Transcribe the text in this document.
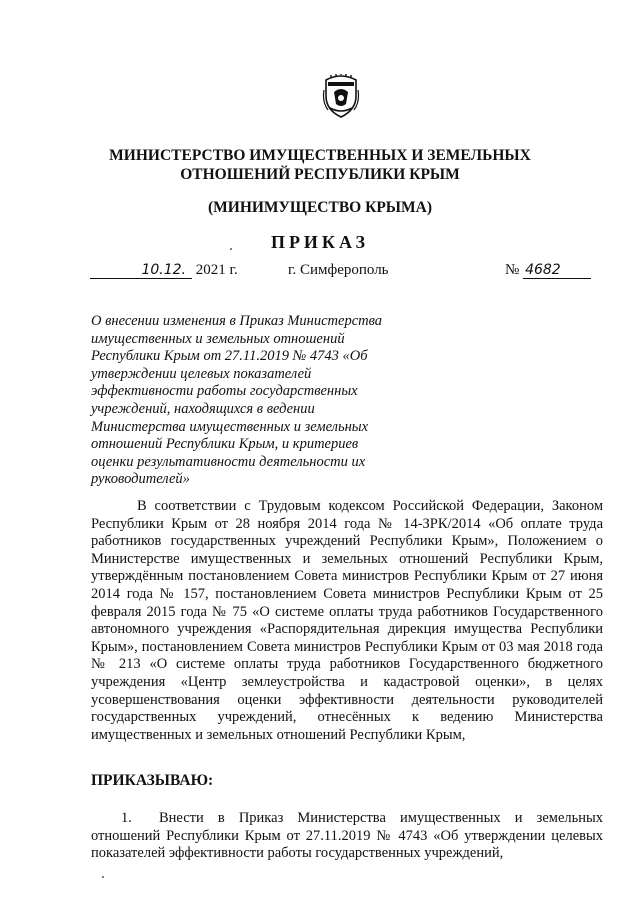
МИНИСТЕРСТВО ИМУЩЕСТВЕННЫХ И ЗЕМЕЛЬНЫХ
ОТНОШЕНИЙ РЕСПУБЛИКИ КРЫМ
(МИНИМУЩЕСТВО КРЫМА)
ПРИКАЗ
10.12. 2021 г.	г. Симферополь	№ 4682
О внесении изменения в Приказ Министерства имущественных и земельных отношений Республики Крым от 27.11.2019 № 4743 «Об утверждении целевых показателей эффективности работы государственных учреждений, находящихся в ведении Министерства имущественных и земельных отношений Республики Крым, и критериев оценки результативности деятельности их руководителей»
В соответствии с Трудовым кодексом Российской Федерации, Законом Республики Крым от 28 ноября 2014 года № 14-ЗРК/2014 «Об оплате труда работников государственных учреждений Республики Крым», Положением о Министерстве имущественных и земельных отношений Республики Крым, утверждённым постановлением Совета министров Республики Крым от 27 июня 2014 года № 157, постановлением Совета министров Республики Крым от 25 февраля 2015 года № 75 «О системе оплаты труда работников Государственного автономного учреждения «Распорядительная дирекция имущества Республики Крым», постановлением Совета министров Республики Крым от 03 мая 2018 года № 213 «О системе оплаты труда работников Государственного бюджетного учреждения «Центр землеустройства и кадастровой оценки», в целях усовершенствования оценки эффективности деятельности руководителей государственных учреждений, отнесённых к ведению Министерства имущественных и земельных отношений Республики Крым,
ПРИКАЗЫВАЮ:
1. Внести в Приказ Министерства имущественных и земельных отношений Республики Крым от 27.11.2019 № 4743 «Об утверждении целевых показателей эффективности работы государственных учреждений,
